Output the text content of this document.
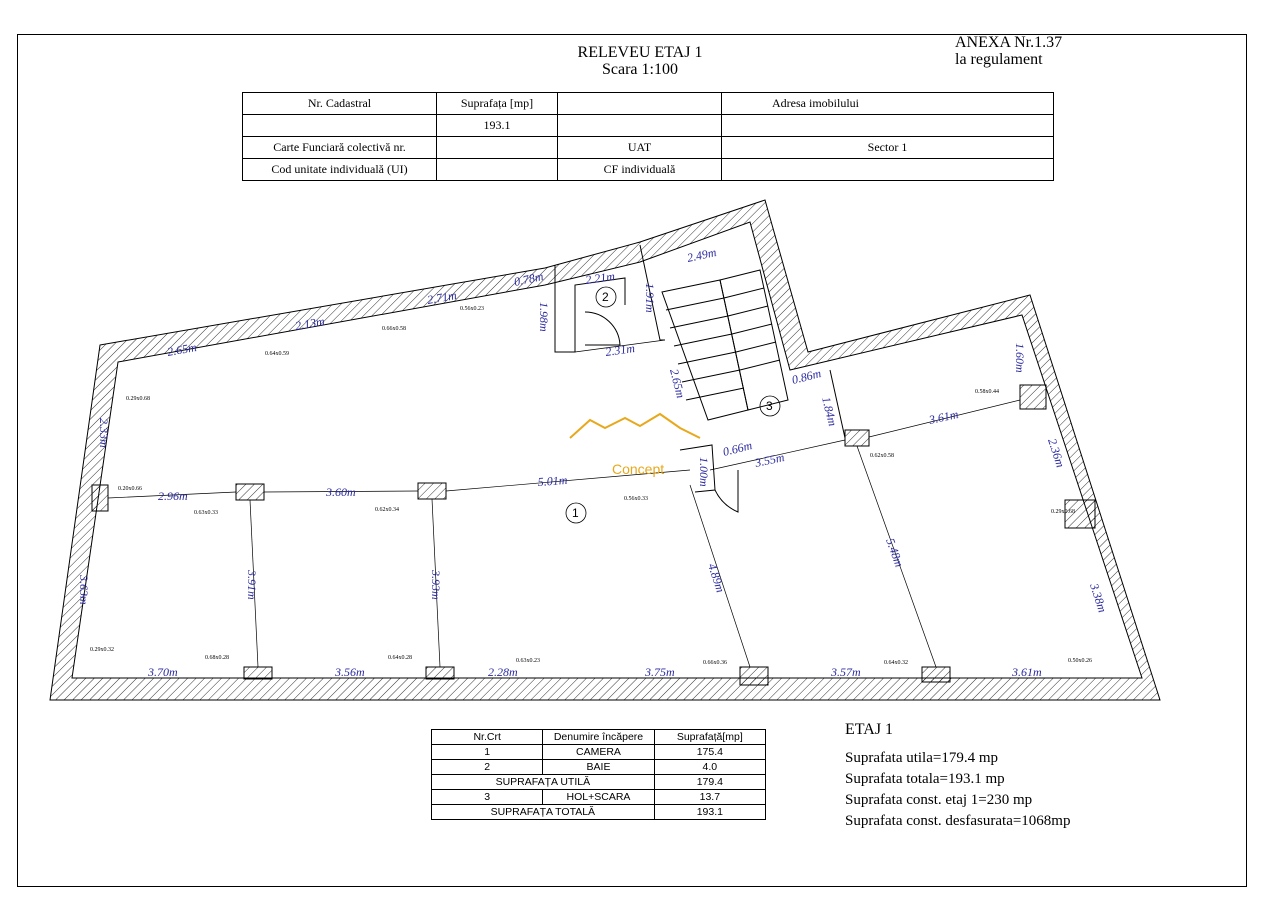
RELEVEU ETAJ 1
Scara 1:100
ANEXA Nr.1.37
la regulament
Nr. Cadastral	Suprafața [mp]		Adresa imobilului
	193.1		
Carte Funciară colectivă nr.		UAT	Sector 1
Cod unitate individuală (UI)		CF individuală	
2.65m
2.13m
2.71m
0.78m	2.21m
1.98m
1.91m
2.31m
2.49m
2.65m	0.86m
1.84m
0.66m
1.00m	3.55m
1.60m
3.61m
2.36m
3.38m
2.33m
3.63m
2.96m	3.60m
5.01m
3.91m	3.93m	4.89m
5.48m
3.70m	3.56m	2.28m	3.75m	3.57m	3.61m
0.29x0.68
0.64x0.59
0.66x0.58
0.56x0.23
0.20x0.66
0.63x0.33	0.62x0.34
0.56x0.33
0.58x0.44
0.62x0.58
0.29x0.68
0.29x0.32
0.68x0.28	0.64x0.28	0.63x0.23	0.66x0.36	0.64x0.32	0.50x0.26
1
2
3
Concept
Nr.Crt	Denumire încăpere	Suprafață[mp]
1	CAMERA	175.4
2	BAIE	4.0
SUPRAFAȚA UTILĂ		179.4
3	HOL+SCARA	13.7
SUPRAFAȚA TOTALĂ		193.1
ETAJ 1
Suprafata utila=179.4 mp
Suprafata totala=193.1 mp
Suprafata const. etaj 1=230 mp
Suprafata const. desfasurata=1068mp
